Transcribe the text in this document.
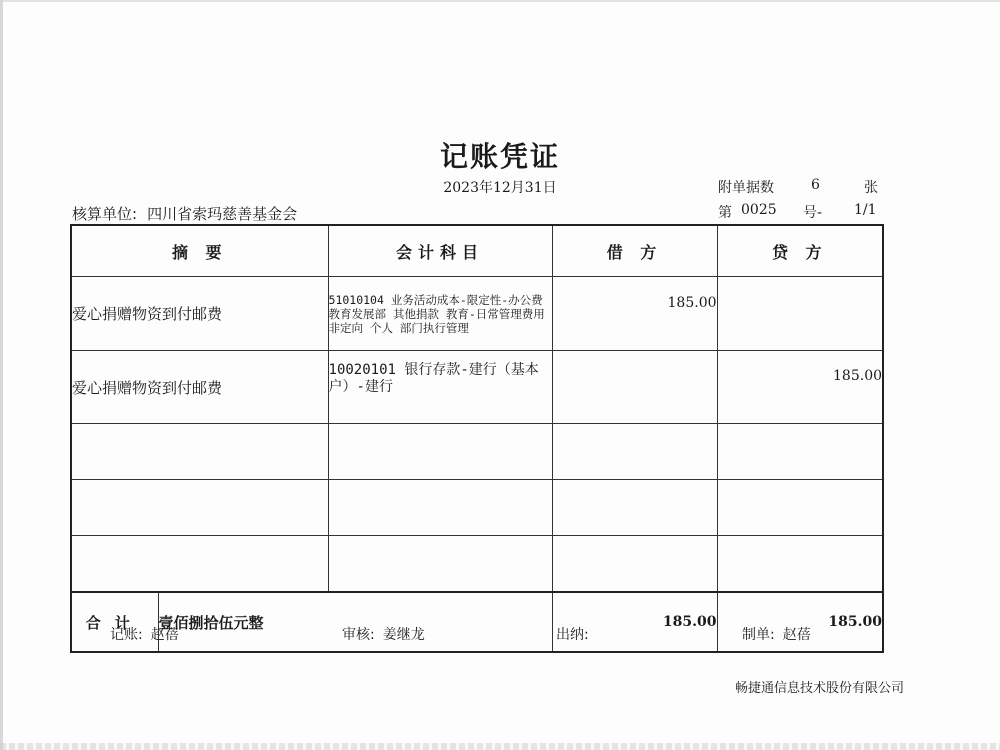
记账凭证
2023年12月31日	附单据数	6	张
第 0025 号- 1/1
核算单位: 四川省索玛慈善基金会
摘 要		会计科目	借 方	贷 方
爱心捐赠物资到付邮费		51010104 业务活动成本-限定性-办公费 教育发展部 其他捐款 教育-日常管理费用 非定向 个人 部门执行管理	185.00	
爱心捐赠物资到付邮费		10020101 银行存款-建行（基本户）-建行		185.00

合计	壹佰捌拾伍元整		185.00	185.00
记账: 赵蓓	审核: 姜继龙	出纳:	制单: 赵蓓
畅捷通信息技术股份有限公司
